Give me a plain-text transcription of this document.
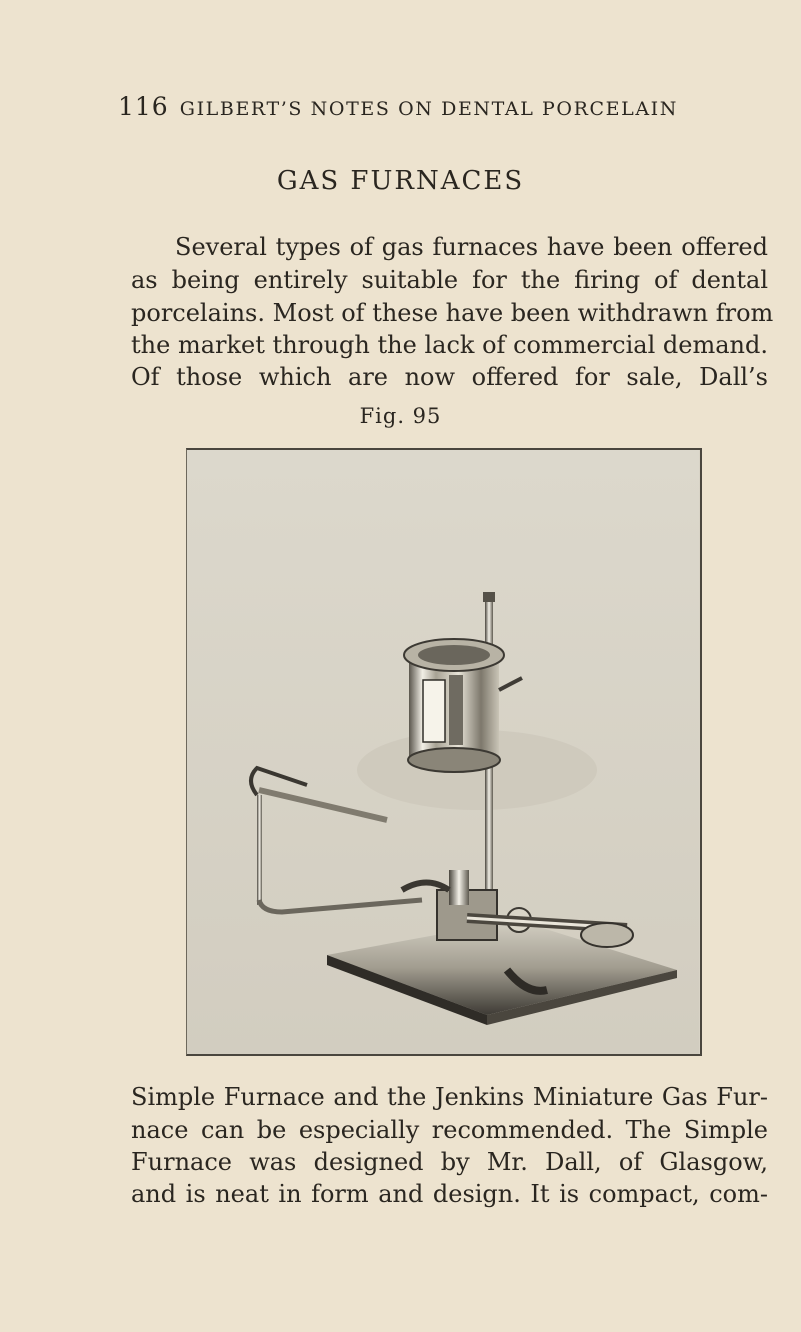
116 GILBERT’S NOTES ON DENTAL PORCELAIN
GAS FURNACES
Several types of gas furnaces have been offered
as being entirely suitable for the firing of dental
porcelains. Most of these have been withdrawn from
the market through the lack of commercial demand.
Of those which are now offered for sale, Dall’s
Fig. 95
Simple Furnace and the Jenkins Miniature Gas Fur-
nace can be especially recommended. The Simple
Furnace was designed by Mr. Dall, of Glasgow,
and is neat in form and design. It is compact, com-
